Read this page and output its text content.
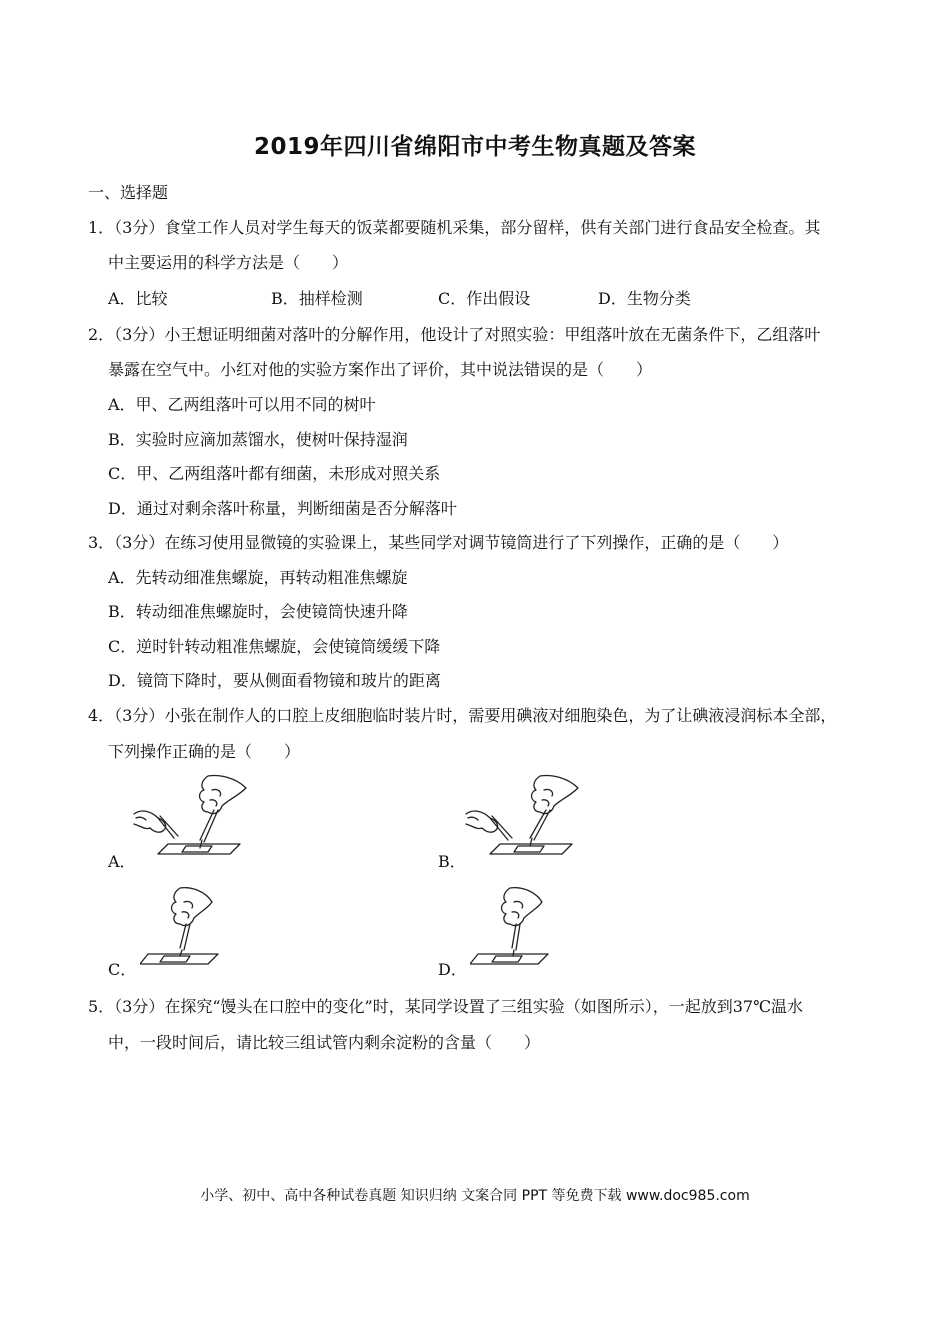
2019年四川省绵阳市中考生物真题及答案
一、选择题
1．（3分）食堂工作人员对学生每天的饭菜都要随机采集，部分留样，供有关部门进行食品安全检查。其
中主要运用的科学方法是（　　）
A．比较	B．抽样检测	C．作出假设	D．生物分类
2．（3分）小王想证明细菌对落叶的分解作用，他设计了对照实验：甲组落叶放在无菌条件下，乙组落叶
暴露在空气中。小红对他的实验方案作出了评价，其中说法错误的是（　　）
A．甲、乙两组落叶可以用不同的树叶
B．实验时应滴加蒸馏水，使树叶保持湿润
C．甲、乙两组落叶都有细菌，未形成对照关系
D．通过对剩余落叶称量，判断细菌是否分解落叶
3．（3分）在练习使用显微镜的实验课上，某些同学对调节镜筒进行了下列操作，正确的是（　　）
A．先转动细准焦螺旋，再转动粗准焦螺旋
B．转动细准焦螺旋时，会使镜筒快速升降
C．逆时针转动粗准焦螺旋，会使镜筒缓缓下降
D．镜筒下降时，要从侧面看物镜和玻片的距离
4．（3分）小张在制作人的口腔上皮细胞临时装片时，需要用碘液对细胞染色，为了让碘液浸润标本全部，
下列操作正确的是（　　）
A．	B．
C．	D．
5．（3分）在探究“馒头在口腔中的变化”时，某同学设置了三组实验（如图所示），一起放到37℃温水
中，一段时间后，请比较三组试管内剩余淀粉的含量（　　）
小学、初中、高中各种试卷真题 知识归纳 文案合同 PPT 等免费下载 www.doc985.com
